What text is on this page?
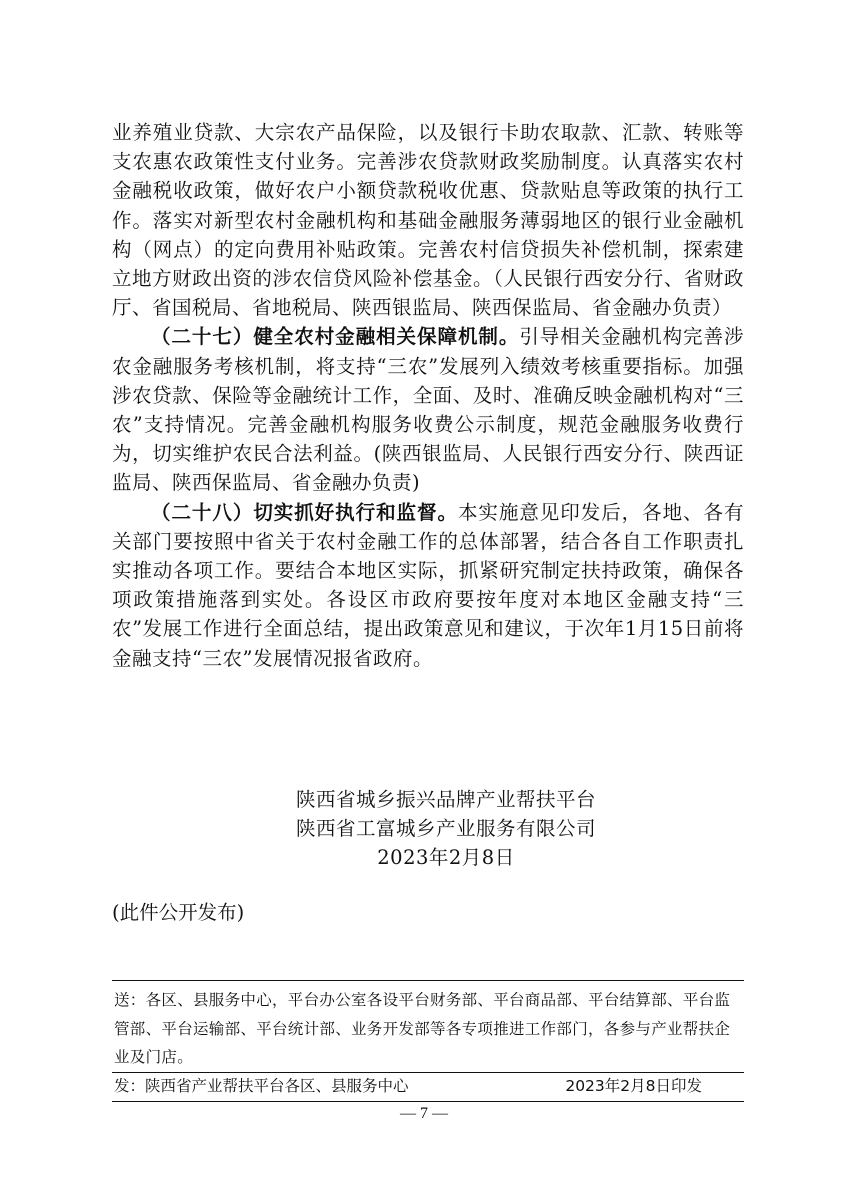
业养殖业贷款、大宗农产品保险，以及银行卡助农取款、汇款、转账等支农惠农政策性支付业务。完善涉农贷款财政奖励制度。认真落实农村金融税收政策，做好农户小额贷款税收优惠、贷款贴息等政策的执行工作。落实对新型农村金融机构和基础金融服务薄弱地区的银行业金融机构（网点）的定向费用补贴政策。完善农村信贷损失补偿机制，探索建立地方财政出资的涉农信贷风险补偿基金。（人民银行西安分行、省财政厅、省国税局、省地税局、陕西银监局、陕西保监局、省金融办负责）

（二十七）健全农村金融相关保障机制。引导相关金融机构完善涉农金融服务考核机制，将支持“三农”发展列入绩效考核重要指标。加强涉农贷款、保险等金融统计工作，全面、及时、准确反映金融机构对“三农”支持情况。完善金融机构服务收费公示制度，规范金融服务收费行为，切实维护农民合法利益。(陕西银监局、人民银行西安分行、陕西证监局、陕西保监局、省金融办负责)

（二十八）切实抓好执行和监督。本实施意见印发后，各地、各有关部门要按照中省关于农村金融工作的总体部署，结合各自工作职责扎实推动各项工作。要结合本地区实际，抓紧研究制定扶持政策，确保各项政策措施落到实处。各设区市政府要按年度对本地区金融支持“三农”发展工作进行全面总结，提出政策意见和建议，于次年1月15日前将金融支持“三农”发展情况报省政府。

陕西省城乡振兴品牌产业帮扶平台
陕西省工富城乡产业服务有限公司
2023年2月8日
(此件公开发布)
送：各区、县服务中心，平台办公室各设平台财务部、平台商品部、平台结算部、平台监管部、平台运输部、平台统计部、业务开发部等各专项推进工作部门，各参与产业帮扶企业及门店。
发：陕西省产业帮扶平台各区、县服务中心	2023年2月8日印发
— 7 —
